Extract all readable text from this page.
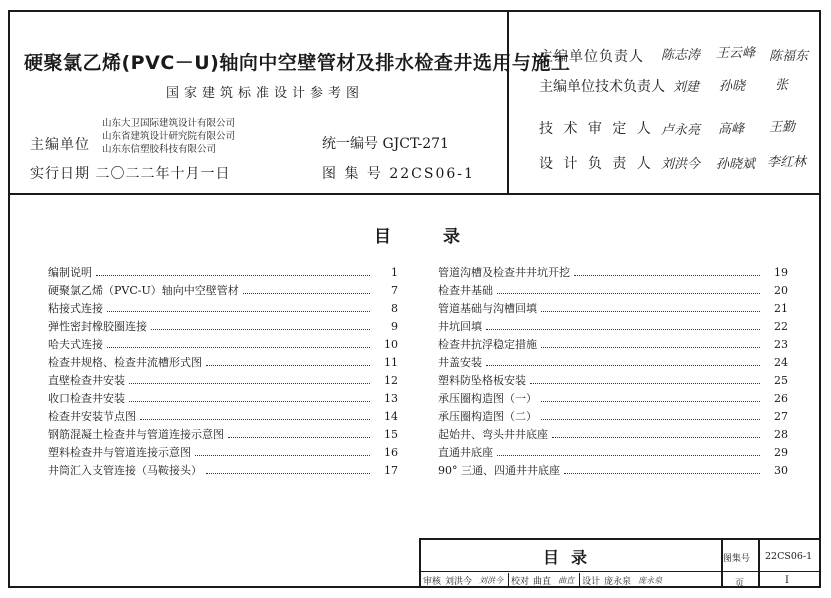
硬聚氯乙烯(PVC－U)轴向中空壁管材及排水检查井选用与施工
国家建筑标准设计参考图
主编单位
山东大卫国际建筑设计有限公司
山东省建筑设计研究院有限公司
山东东信塑胶科技有限公司
实行日期 二〇二二年十月一日
统一编号 GJCT-271
图 集 号 22CS06-1
主编单位负责人 陈志涛 王云峰 陈福东
主编单位技术负责人 刘建 孙晓 张
技 术 审 定 人 卢永亮 高峰 王勤
设 计 负 责 人 刘洪今 孙晓斌 李红林
目	录
编制说明	1
硬聚氯乙烯（PVC-U）轴向中空壁管材	7
粘接式连接	8
弹性密封橡胶圈连接	9
哈夫式连接	10
检查井规格、检查井流槽形式图	11
直壁检查井安装	12
收口检查井安装	13
检查井安装节点图	14
钢筋混凝土检查井与管道连接示意图	15
塑料检查井与管道连接示意图	16
井筒汇入支管连接（马鞍接头）	17
管道沟槽及检查井井坑开挖	19
检查井基础	20
管道基础与沟槽回填	21
井坑回填	22
检查井抗浮稳定措施	23
井盖安装	24
塑料防坠格板安装	25
承压圈构造图（一）	26
承压圈构造图（二）	27
起始井、弯头井井底座	28
直通井底座	29
90° 三通、四通井井底座	30
目录	图集号 22CS06-1
页	I
审核 刘洪今 刘洪今 校对 曲直 曲直 设计 庞永泉 庞永泉
